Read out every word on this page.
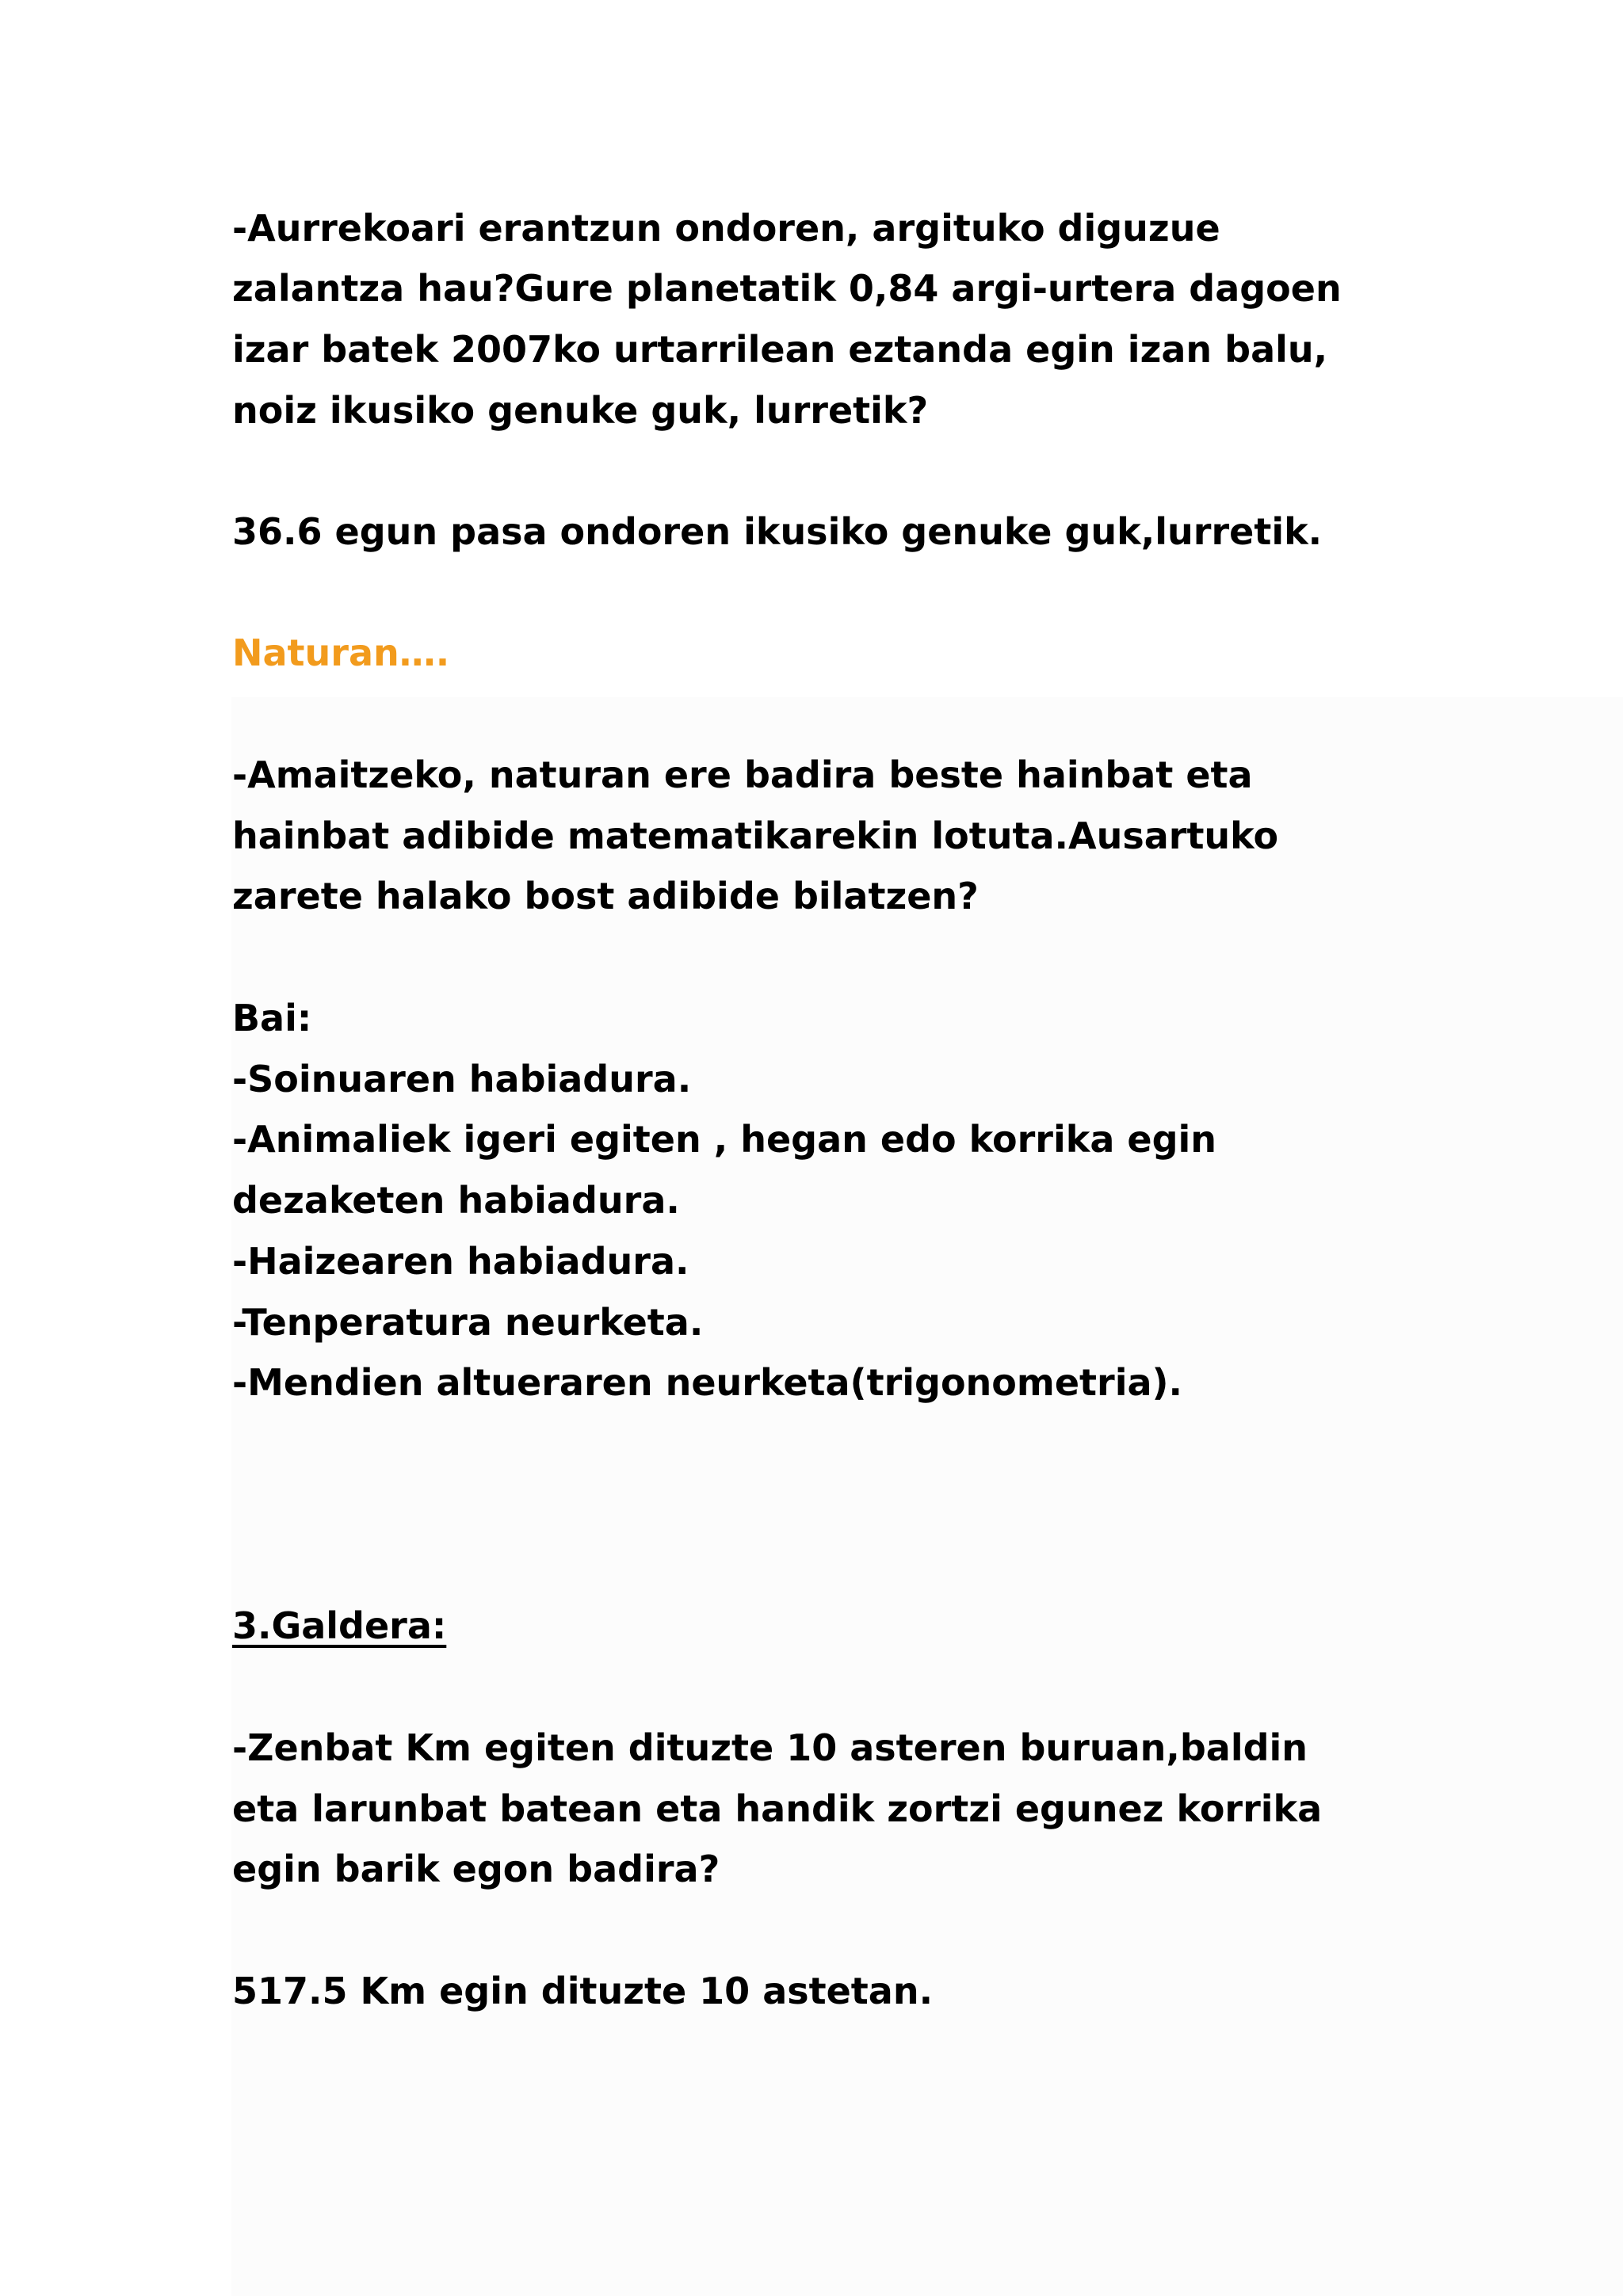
-Aurrekoari erantzun ondoren, argituko diguzue
zalantza hau?Gure planetatik 0,84 argi-urtera dagoen
izar batek 2007ko urtarrilean eztanda egin izan balu,
noiz ikusiko genuke guk, lurretik?
36.6 egun pasa ondoren ikusiko genuke guk,lurretik.
Naturan….
-Amaitzeko, naturan ere badira beste hainbat eta
hainbat adibide matematikarekin lotuta.Ausartuko
zarete halako bost adibide bilatzen?
Bai:
-Soinuaren habiadura.
-Animaliek igeri egiten , hegan edo korrika egin
dezaketen habiadura.
-Haizearen habiadura.
-Tenperatura neurketa.
-Mendien altueraren neurketa(trigonometria).
3.Galdera:
-Zenbat Km egiten dituzte 10 asteren buruan,baldin
eta larunbat batean eta handik zortzi egunez korrika
egin barik egon badira?
517.5 Km egin dituzte 10 astetan.
